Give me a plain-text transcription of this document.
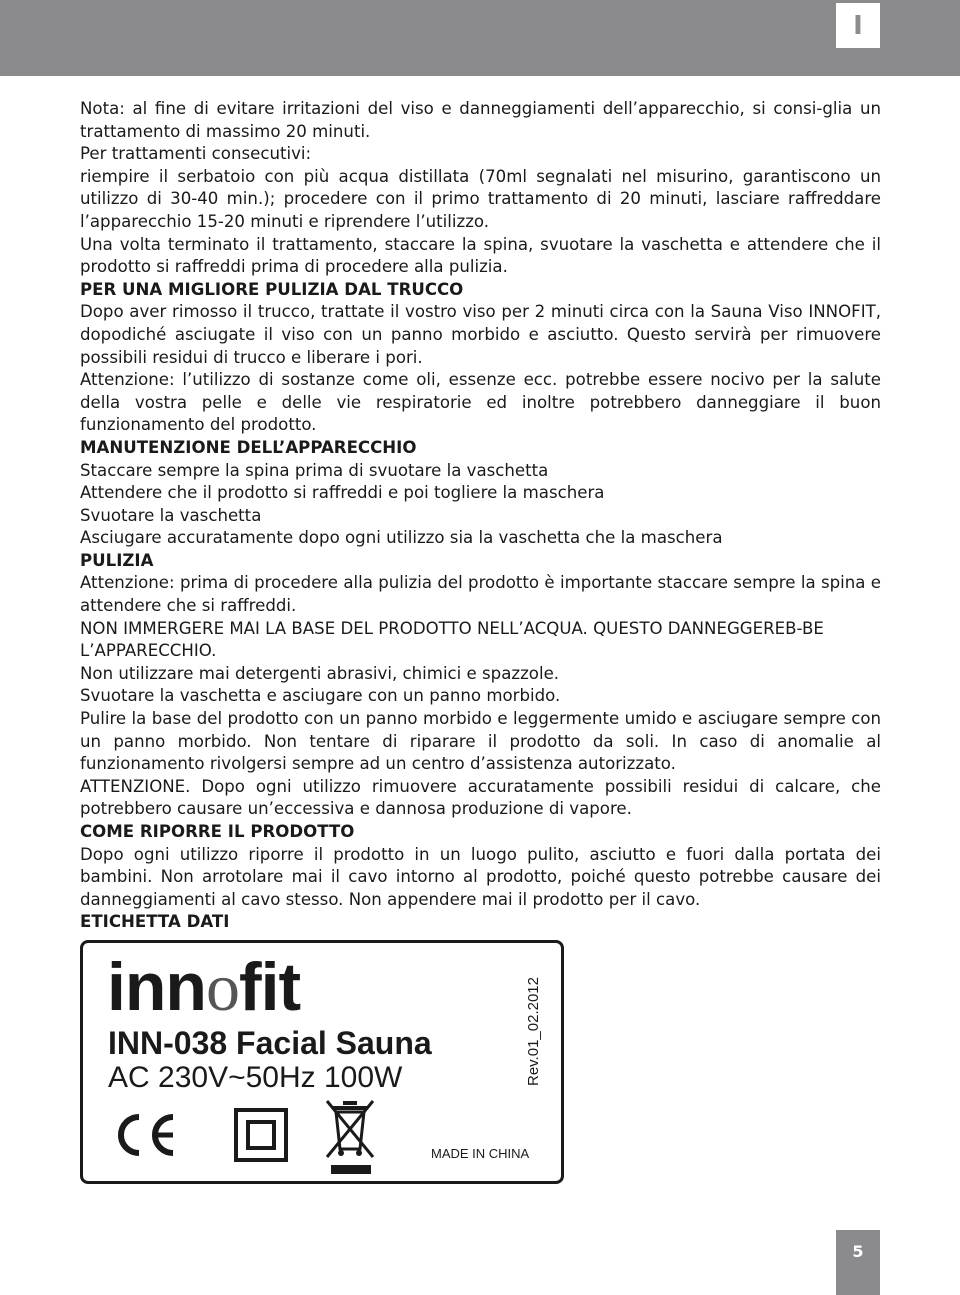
I

Nota: al fine di evitare irritazioni del viso e danneggiamenti dell’apparecchio, si consi-glia un trattamento di massimo 20 minuti.

Per trattamenti consecutivi:

riempire il serbatoio con più acqua distillata (70ml segnalati nel misurino, garantiscono un utilizzo di 30-40 min.); procedere con il primo trattamento di 20 minuti, lasciare raffreddare l’apparecchio 15-20 minuti e riprendere l’utilizzo.

Una volta terminato il trattamento, staccare la spina, svuotare la vaschetta e attendere che il prodotto si raffreddi prima di procedere alla pulizia.

PER UNA MIGLIORE PULIZIA DAL TRUCCO

Dopo aver rimosso il trucco, trattate il vostro viso per 2 minuti circa con la Sauna Viso INNOFIT, dopodiché asciugate il viso con un panno morbido e asciutto. Questo servirà per rimuovere possibili residui di trucco e liberare i pori.

Attenzione: l’utilizzo di sostanze come oli, essenze ecc. potrebbe essere nocivo per la salute della vostra pelle e delle vie respiratorie ed inoltre potrebbero danneggiare il buon funzionamento del prodotto.

MANUTENZIONE DELL’APPARECCHIO

Staccare sempre la spina prima di svuotare la vaschetta

Attendere che il prodotto si raffreddi e poi togliere la maschera

Svuotare la vaschetta

Asciugare accuratamente dopo ogni utilizzo sia la vaschetta che la maschera

PULIZIA

Attenzione: prima di procedere alla pulizia del prodotto è importante staccare sempre la spina e attendere che si raffreddi.

NON IMMERGERE MAI LA BASE DEL PRODOTTO NELL’ACQUA. QUESTO DANNEGGEREB-BE L’APPARECCHIO.

Non utilizzare mai detergenti abrasivi, chimici e spazzole.

Svuotare la vaschetta e asciugare con un panno morbido.

Pulire la base del prodotto con un panno morbido e leggermente umido e asciugare sempre con un panno morbido. Non tentare di riparare il prodotto da soli. In caso di anomalie al funzionamento rivolgersi sempre ad un centro d’assistenza autorizzato.

ATTENZIONE. Dopo ogni utilizzo rimuovere accuratamente possibili residui di calcare, che potrebbero causare un’eccessiva e dannosa produzione di vapore.

COME RIPORRE IL PRODOTTO

Dopo ogni utilizzo riporre il prodotto in un luogo pulito, asciutto e fuori dalla portata dei bambini. Non arrotolare mai il cavo intorno al prodotto, poiché questo potrebbe causare dei danneggiamenti al cavo stesso. Non appendere mai il prodotto per il cavo.

ETICHETTA DATI

innofit
INN-038 Facial Sauna
AC 230V~50Hz 100W	Rev.01_02.2012
MADE IN CHINA
5
